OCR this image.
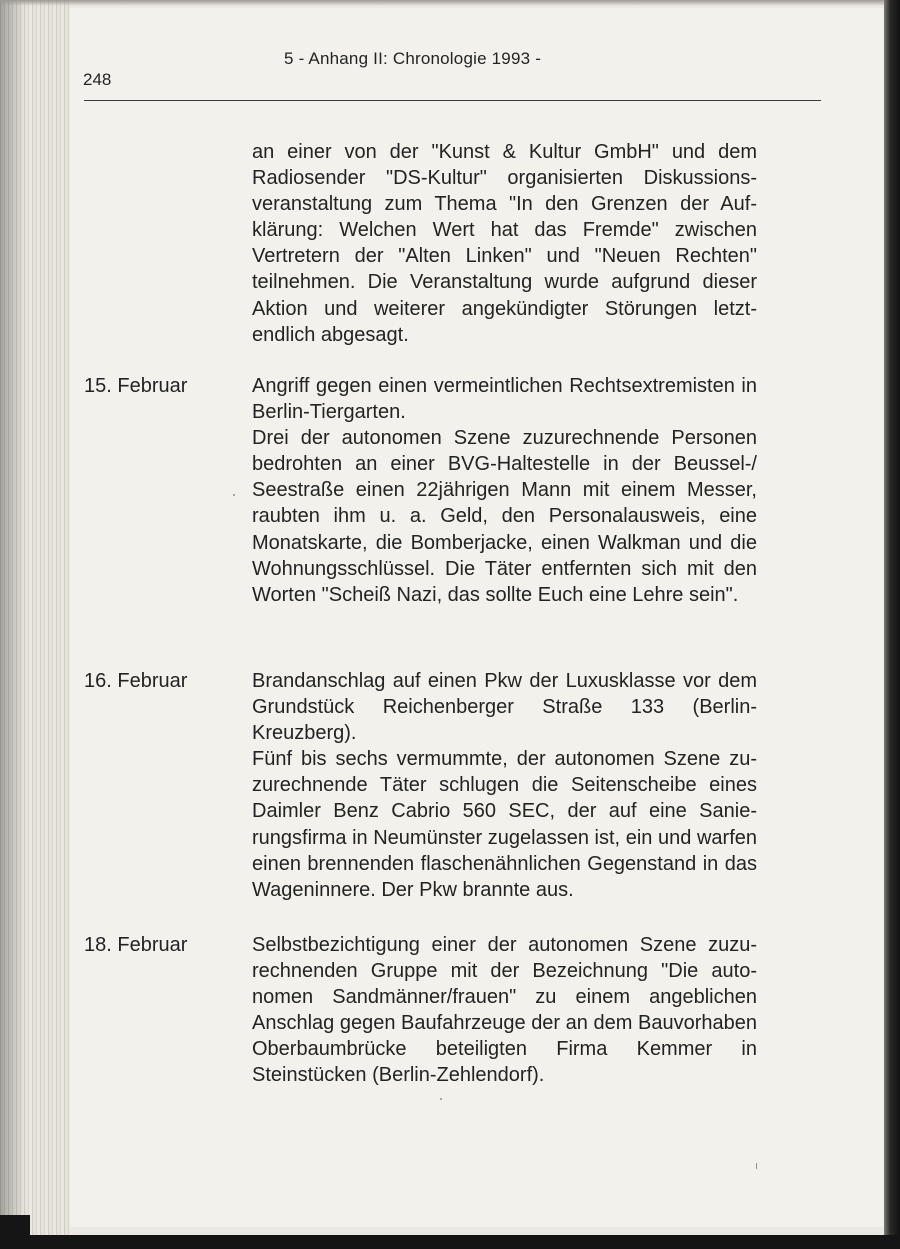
5 - Anhang II: Chronologie 1993 -
248
an einer von der "Kunst & Kultur GmbH" und dem Radiosender "DS-Kultur" organisierten Diskussionsveranstaltung zum Thema "In den Grenzen der Aufklärung: Welchen Wert hat das Fremde" zwischen Vertretern der "Alten Linken" und "Neuen Rechten" teilnehmen. Die Veranstaltung wurde aufgrund dieser Aktion und weiterer angekündigter Störungen letztendlich abgesagt.
15. Februar	Angriff gegen einen vermeintlichen Rechtsextremisten in Berlin-Tiergarten.

Drei der autonomen Szene zuzurechnende Personen bedrohten an einer BVG-Haltestelle in der Beussel-/ Seestraße einen 22jährigen Mann mit einem Messer, raubten ihm u. a. Geld, den Personalausweis, eine Monatskarte, die Bomberjacke, einen Walkman und die Wohnungsschlüssel. Die Täter entfernten sich mit den Worten "Scheiß Nazi, das sollte Euch eine Lehre sein".

16. Februar	Brandanschlag auf einen Pkw der Luxusklasse vor dem Grundstück Reichenberger Straße 133 (Berlin-Kreuzberg).

Fünf bis sechs vermummte, der autonomen Szene zuzurechnende Täter schlugen die Seitenscheibe eines Daimler Benz Cabrio 560 SEC, der auf eine Sanierungsfirma in Neumünster zugelassen ist, ein und warfen einen brennenden flaschenähnlichen Gegenstand in das Wageninnere. Der Pkw brannte aus.

18. Februar	Selbstbezichtigung einer der autonomen Szene zuzurechnenden Gruppe mit der Bezeichnung "Die autonomen Sandmänner/frauen" zu einem angeblichen Anschlag gegen Baufahrzeuge der an dem Bauvorhaben Oberbaumbrücke beteiligten Firma Kemmer in Steinstücken (Berlin-Zehlendorf).
